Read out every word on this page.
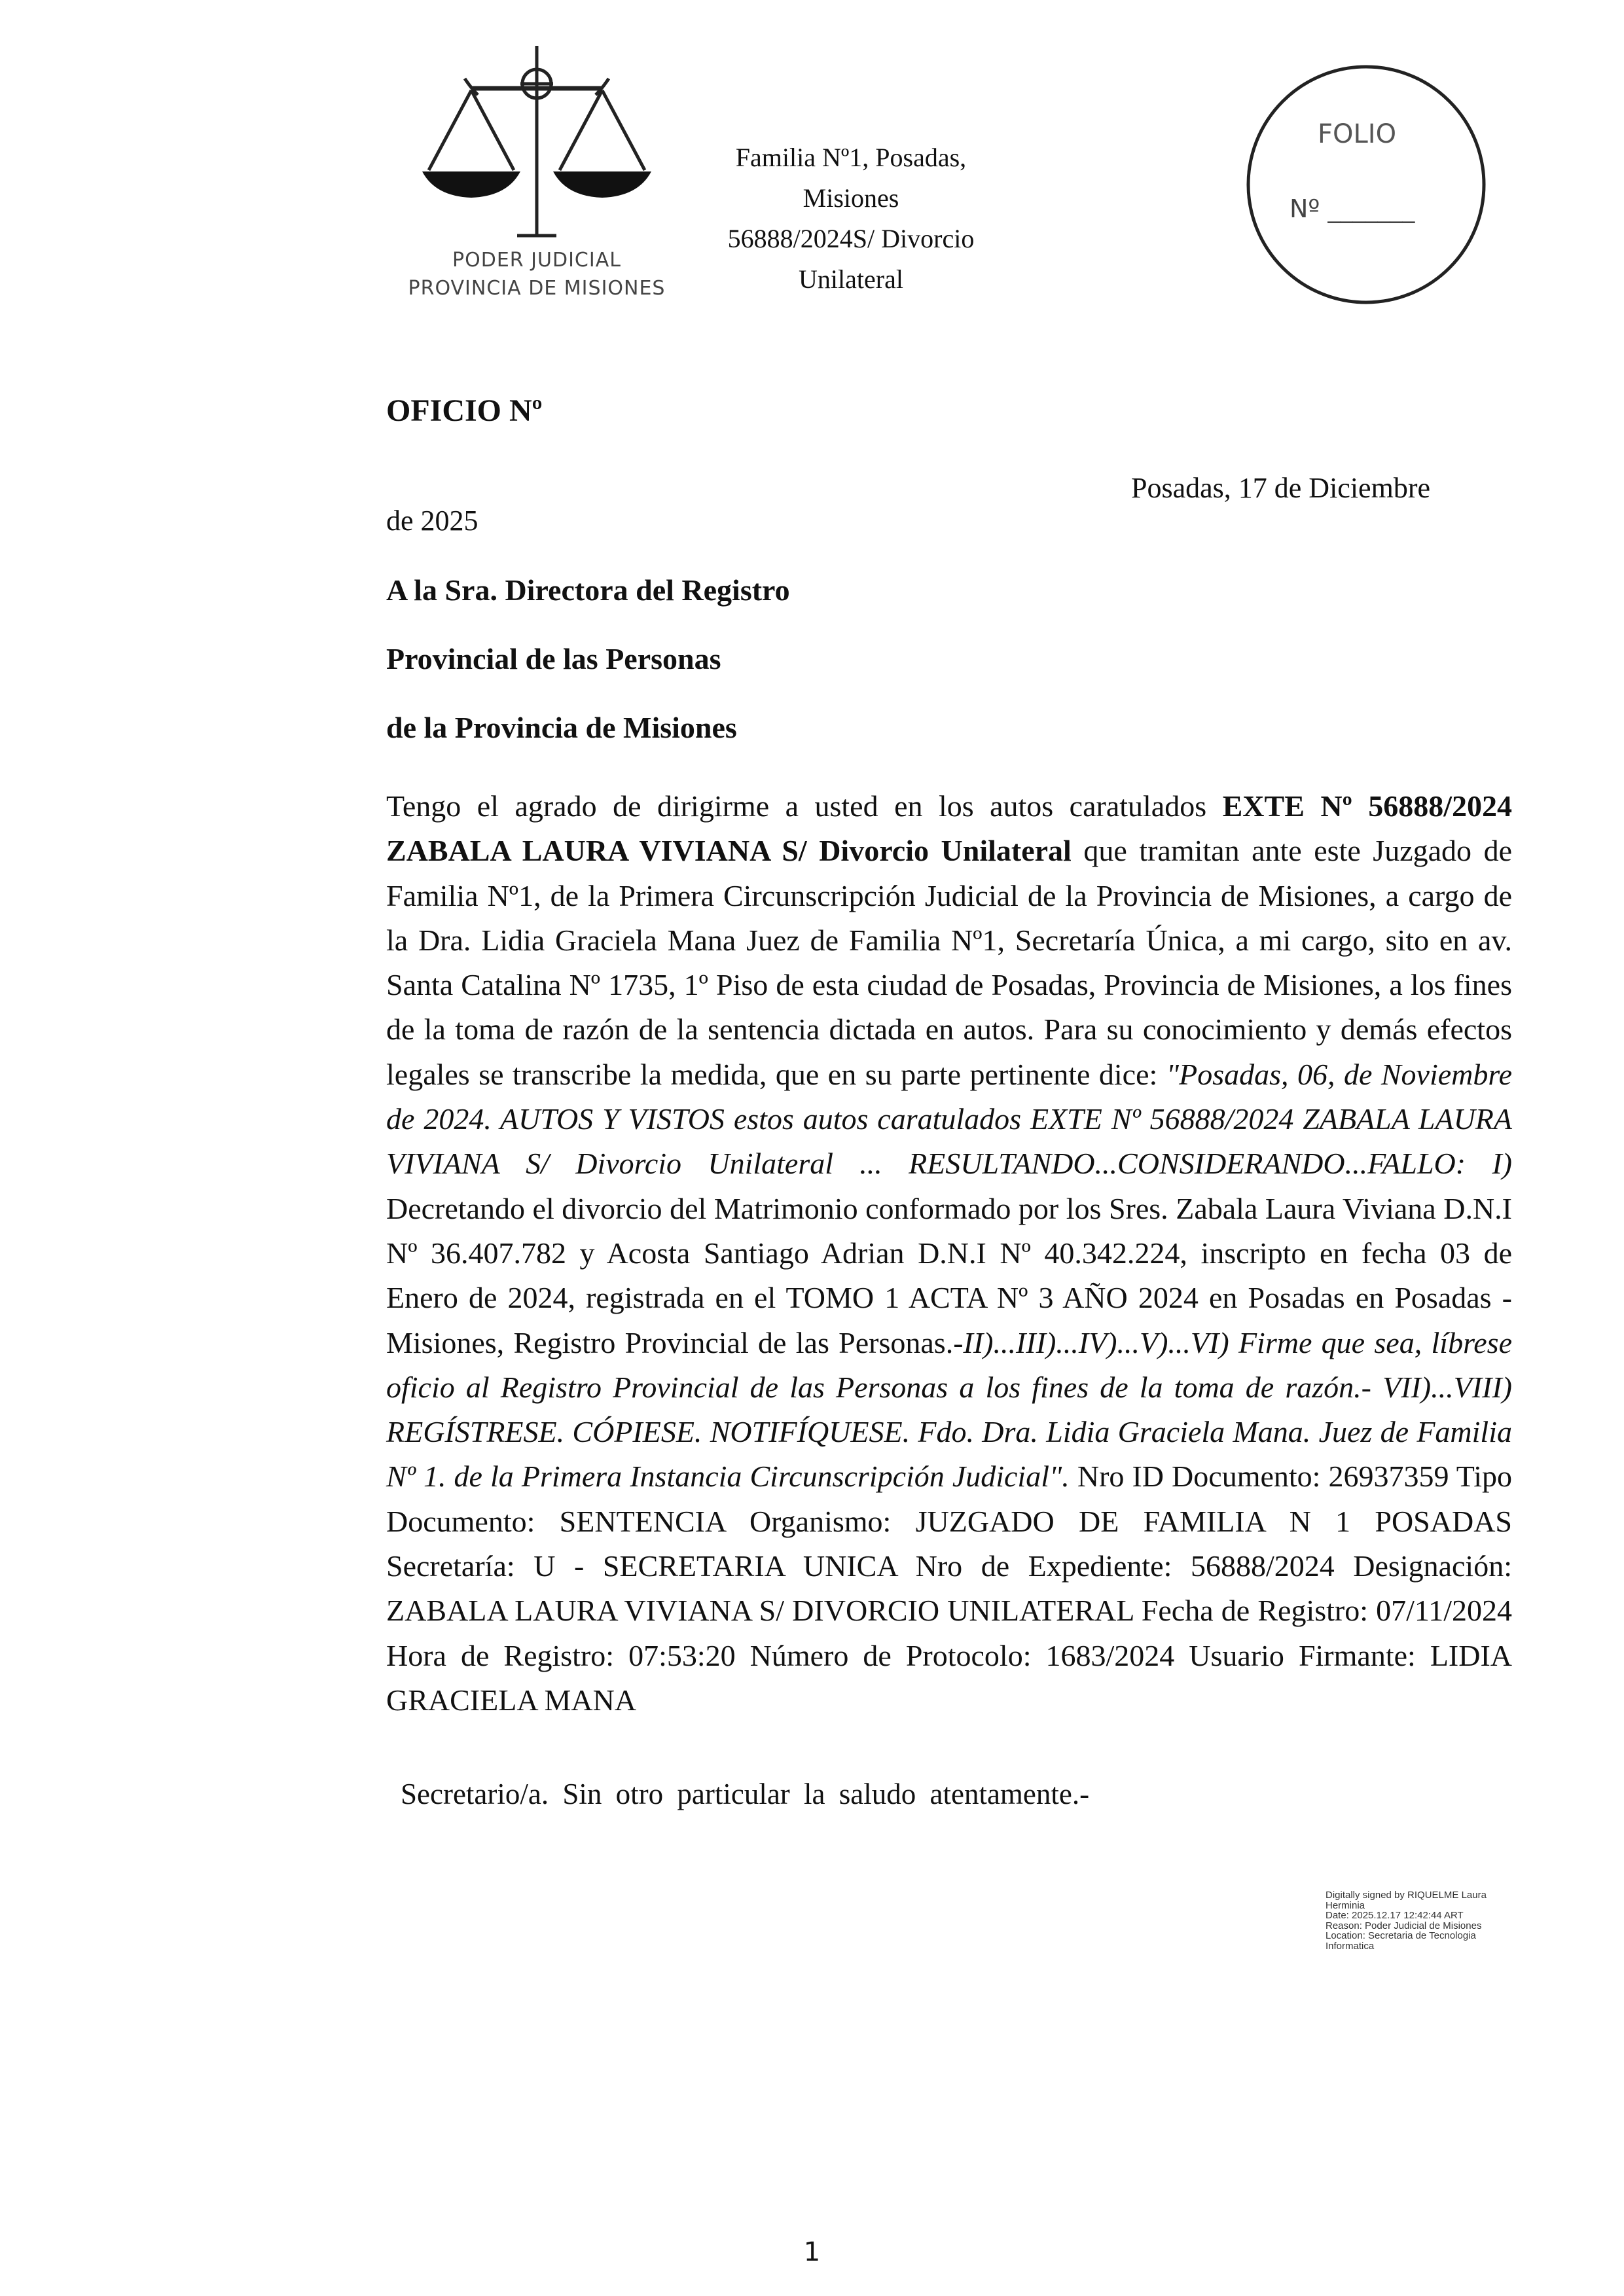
PODER JUDICIAL
PROVINCIA DE MISIONES
Familia Nº1, Posadas, Misiones
56888/2024S/ Divorcio Unilateral
FOLIO
Nº _______
OFICIO Nº
Posadas, 17 de Diciembre
de 2025
A la Sra. Directora del Registro
Provincial de las Personas
de la Provincia de Misiones
Tengo el agrado de dirigirme a usted en los autos caratulados EXTE Nº 56888/2024 ZABALA LAURA VIVIANA S/ Divorcio Unilateral que tramitan ante este Juzgado de Familia Nº1, de la Primera Circunscripción Judicial de la Provincia de Misiones, a cargo de la Dra. Lidia Graciela Mana Juez de Familia Nº1, Secretaría Única, a mi cargo, sito en av. Santa Catalina Nº 1735, 1º Piso de esta ciudad de Posadas, Provincia de Misiones, a los fines de la toma de razón de la sentencia dictada en autos. Para su conocimiento y demás efectos legales se transcribe la medida, que en su parte pertinente dice: "Posadas, 06, de Noviembre de 2024. AUTOS Y VISTOS estos autos caratulados EXTE Nº 56888/2024 ZABALA LAURA VIVIANA S/ Divorcio Unilateral ... RESULTANDO...CONSIDERANDO...FALLO: I) Decretando el divorcio del Matrimonio conformado por los Sres. Zabala Laura Viviana D.N.I Nº 36.407.782 y Acosta Santiago Adrian D.N.I Nº 40.342.224, inscripto en fecha 03 de Enero de 2024, registrada en el TOMO 1 ACTA Nº 3 AÑO 2024 en Posadas en Posadas - Misiones, Registro Provincial de las Personas.-II)...III)...IV)...V)...VI) Firme que sea, líbrese oficio al Registro Provincial de las Personas a los fines de la toma de razón.- VII)...VIII) REGÍSTRESE. CÓPIESE. NOTIFÍQUESE. Fdo. Dra. Lidia Graciela Mana. Juez de Familia Nº 1. de la Primera Instancia Circunscripción Judicial". Nro ID Documento: 26937359 Tipo Documento: SENTENCIA Organismo: JUZGADO DE FAMILIA N 1 POSADAS Secretaría: U - SECRETARIA UNICA Nro de Expediente: 56888/2024 Designación: ZABALA LAURA VIVIANA S/ DIVORCIO UNILATERAL Fecha de Registro: 07/11/2024 Hora de Registro: 07:53:20 Número de Protocolo: 1683/2024 Usuario Firmante: LIDIA GRACIELA MANA
Secretario/a. Sin otro particular la saludo atentamente.-
Digitally signed by RIQUELME Laura
Herminia
Date: 2025.12.17 12:42:44 ART
Reason: Poder Judicial de Misiones
Location: Secretaria de Tecnologia
Informatica
1
